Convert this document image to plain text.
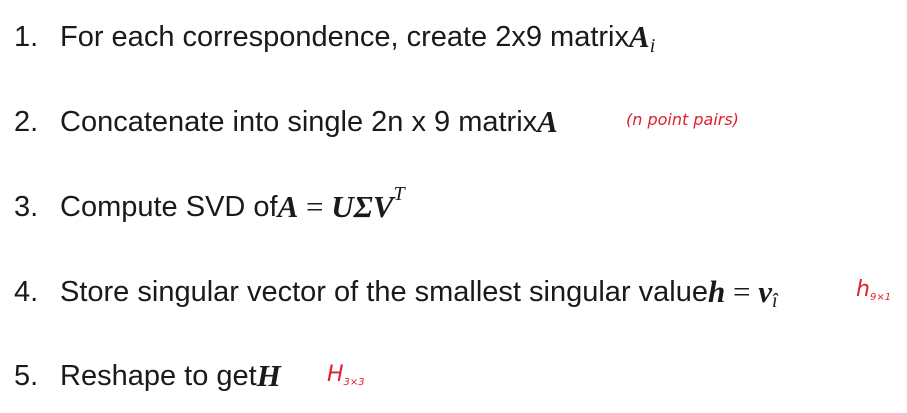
1. For each correspondence, create 2x9 matrix A i
2. Concatenate into single 2n x 9 matrix A	(n point pairs)
3. Compute SVD of A = UΣV T
4. Store singular vector of the smallest singular value h = v î	h9×1
5. Reshape to get H H3×3
